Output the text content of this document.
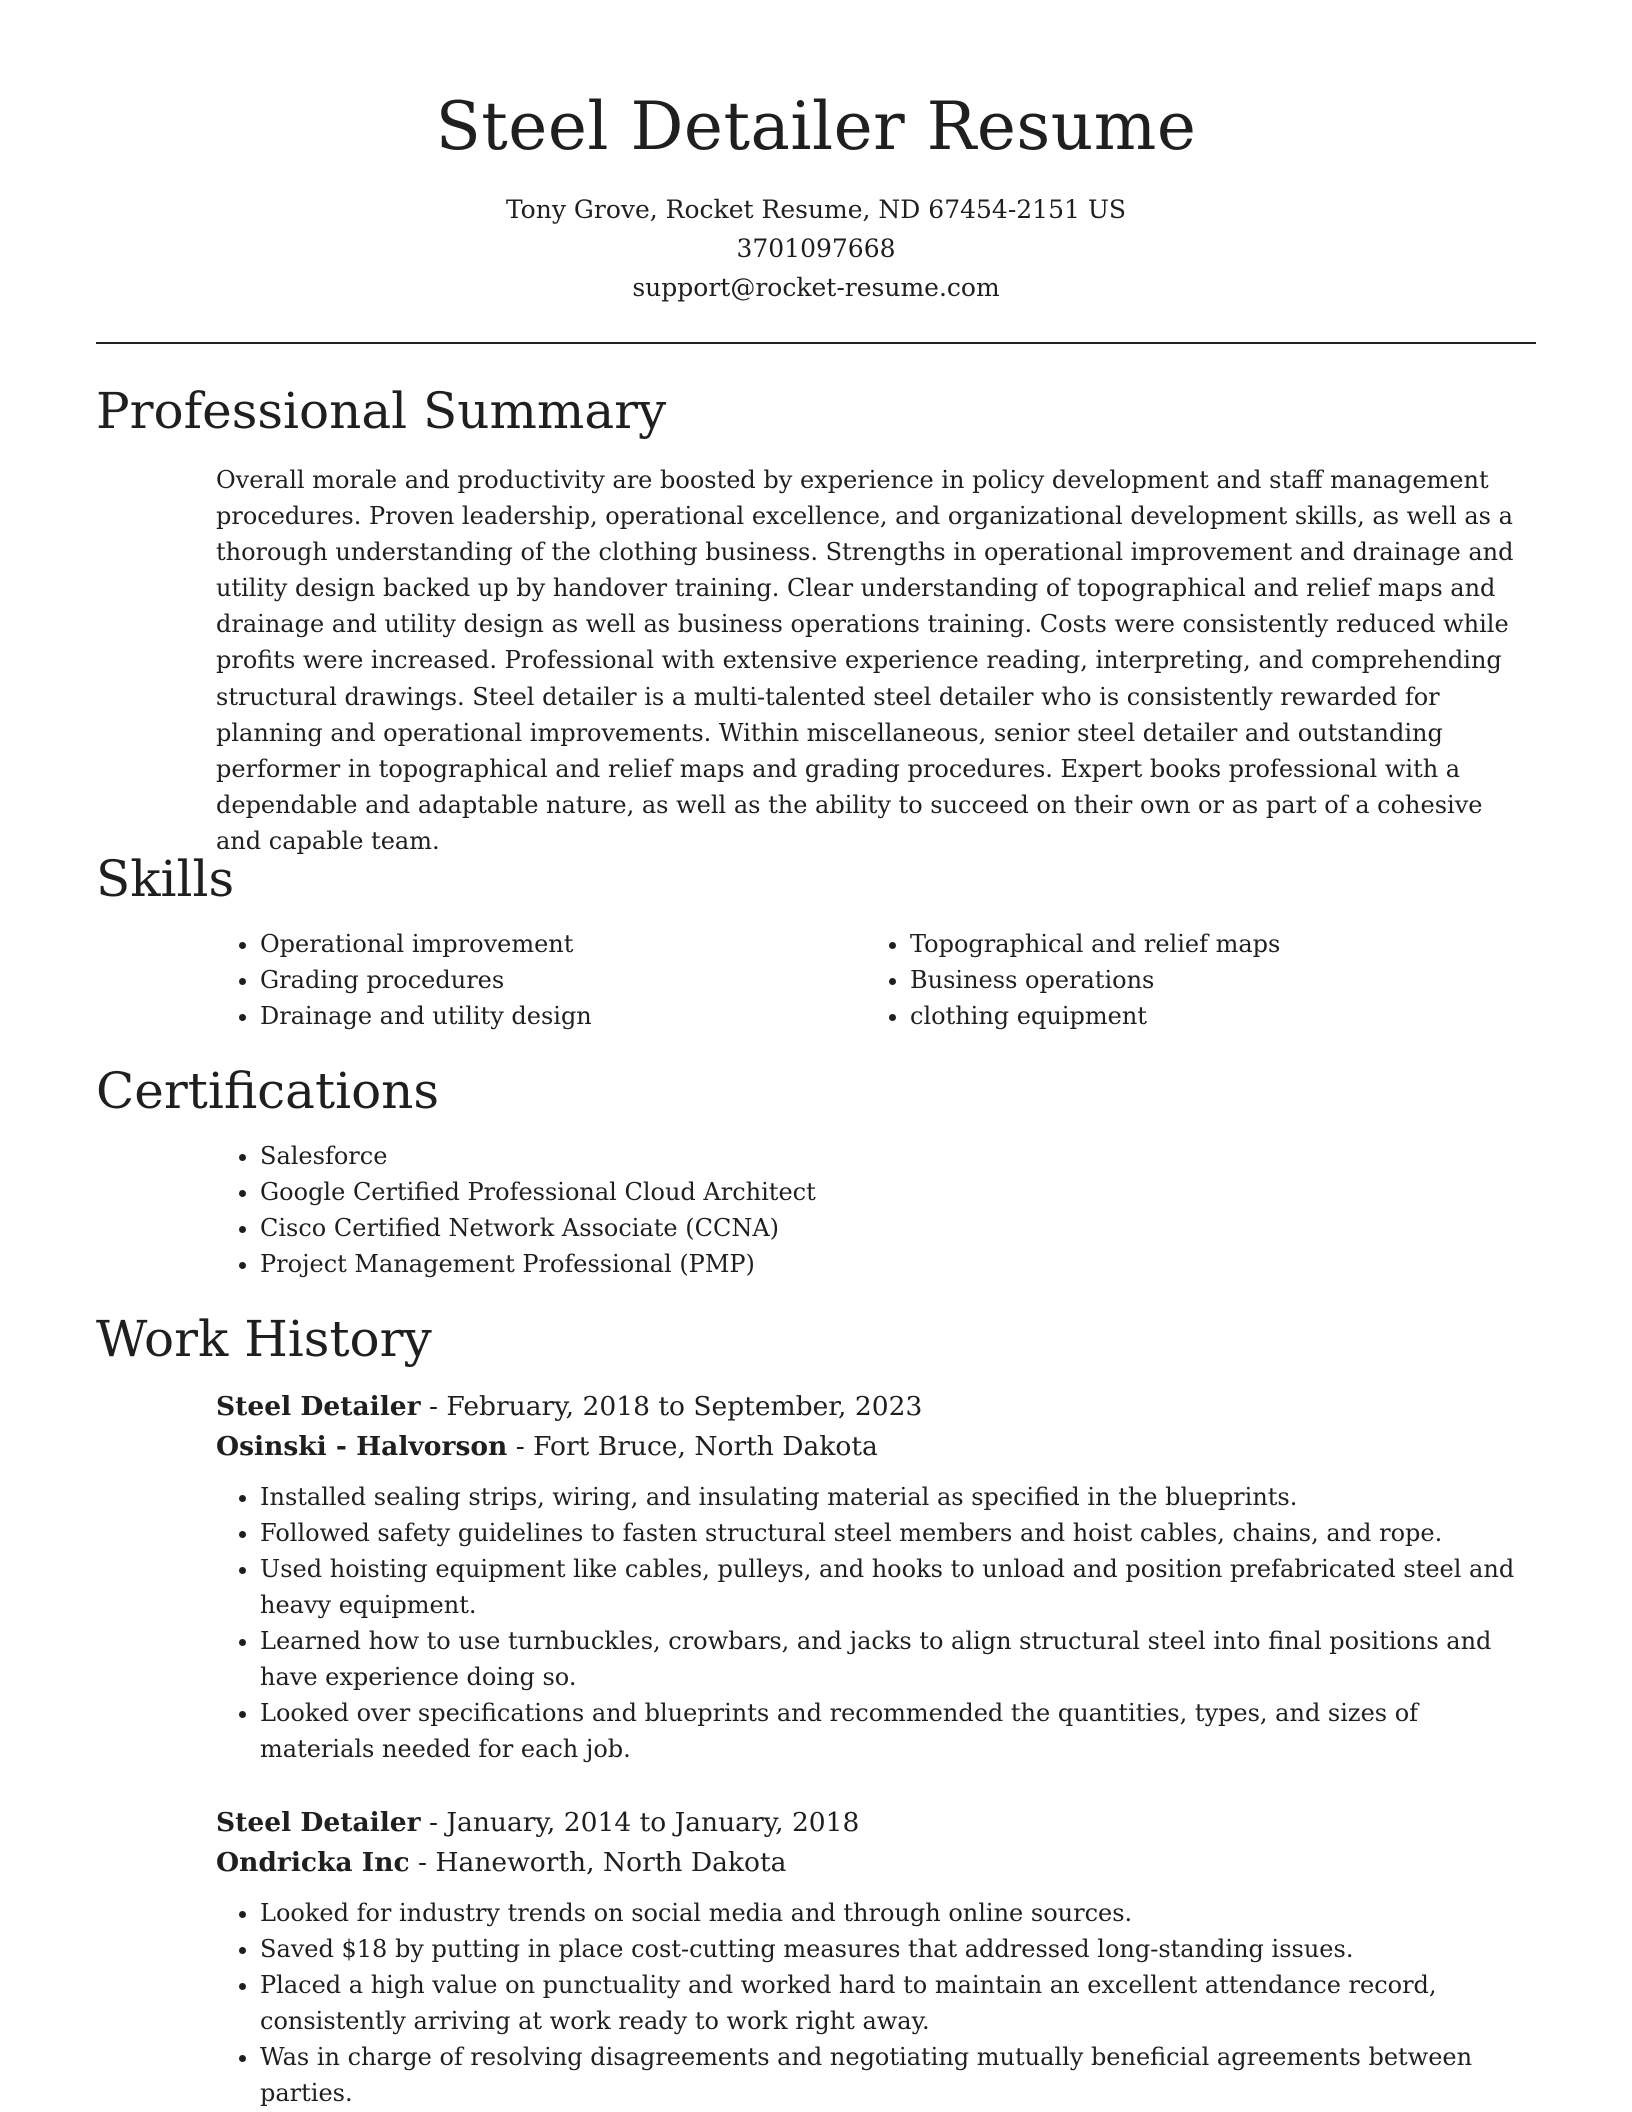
Steel Detailer Resume
Tony Grove, Rocket Resume, ND 67454-2151 US
3701097668
support@rocket-resume.com
Professional Summary

Overall morale and productivity are boosted by experience in policy development and staff management procedures. Proven leadership, operational excellence, and organizational development skills, as well as a thorough understanding of the clothing business. Strengths in operational improvement and drainage and utility design backed up by handover training. Clear understanding of topographical and relief maps and drainage and utility design as well as business operations training. Costs were consistently reduced while profits were increased. Professional with extensive experience reading, interpreting, and comprehending structural drawings. Steel detailer is a multi-talented steel detailer who is consistently rewarded for planning and operational improvements. Within miscellaneous, senior steel detailer and outstanding performer in topographical and relief maps and grading procedures. Expert books professional with a dependable and adaptable nature, as well as the ability to succeed on their own or as part of a cohesive and capable team.

Skills
• Operational improvement
• Grading procedures
• Drainage and utility design
• Topographical and relief maps
• Business operations
• clothing equipment
Certifications
• Salesforce
• Google Certified Professional Cloud Architect
• Cisco Certified Network Associate (CCNA)
• Project Management Professional (PMP)
Work History

Steel Detailer - February, 2018 to September, 2023

Osinski - Halvorson - Fort Bruce, North Dakota

• Installed sealing strips, wiring, and insulating material as specified in the blueprints.
• Followed safety guidelines to fasten structural steel members and hoist cables, chains, and rope.
• Used hoisting equipment like cables, pulleys, and hooks to unload and position prefabricated steel and heavy equipment.
• Learned how to use turnbuckles, crowbars, and jacks to align structural steel into final positions and have experience doing so.
• Looked over specifications and blueprints and recommended the quantities, types, and sizes of materials needed for each job.

Steel Detailer - January, 2014 to January, 2018

Ondricka Inc - Haneworth, North Dakota

• Looked for industry trends on social media and through online sources.
• Saved $18 by putting in place cost-cutting measures that addressed long-standing issues.
• Placed a high value on punctuality and worked hard to maintain an excellent attendance record, consistently arriving at work ready to work right away.
• Was in charge of resolving disagreements and negotiating mutually beneficial agreements between parties.
